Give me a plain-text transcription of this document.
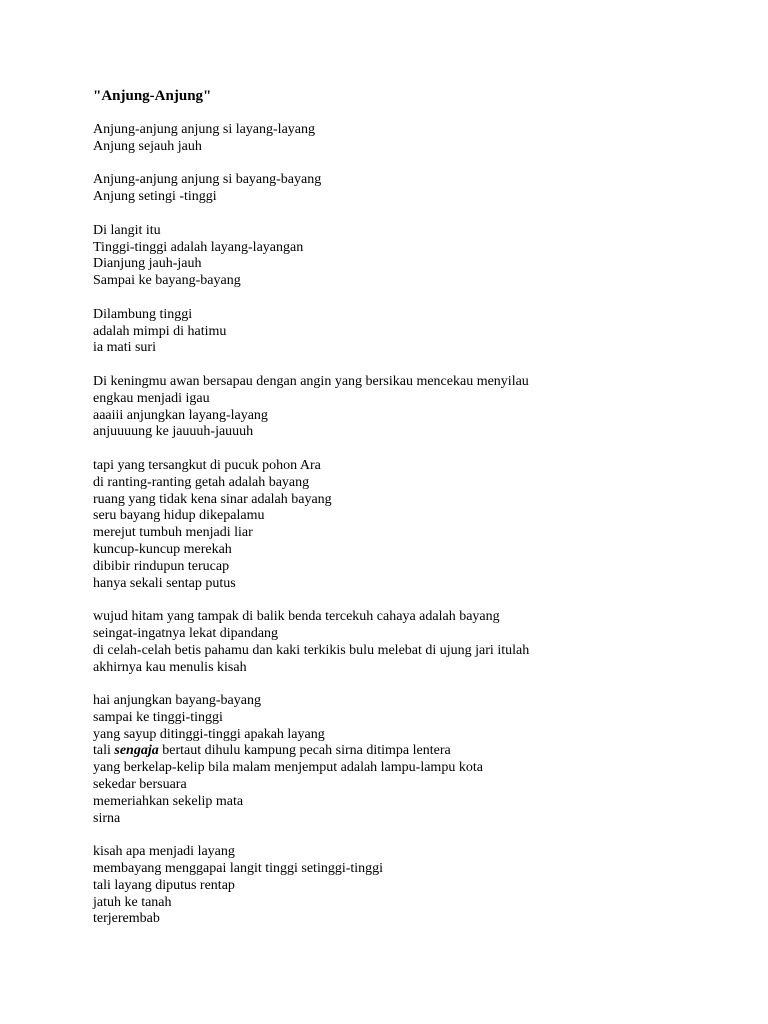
"Anjung-Anjung"
Anjung-anjung anjung si layang-layang
Anjung sejauh jauh
Anjung-anjung anjung si bayang-bayang
Anjung setingi -tinggi
Di langit itu
Tinggi-tinggi adalah layang-layangan
Dianjung jauh-jauh
Sampai ke bayang-bayang
Dilambung tinggi
adalah mimpi di hatimu
ia mati suri
Di keningmu awan bersapau dengan angin yang bersikau mencekau menyilau
engkau menjadi igau
aaaiii anjungkan layang-layang
anjuuuung ke jauuuh-jauuuh
tapi yang tersangkut di pucuk pohon Ara
di ranting-ranting getah adalah bayang
ruang yang tidak kena sinar adalah bayang
seru bayang hidup dikepalamu
merejut tumbuh menjadi liar
kuncup-kuncup merekah
dibibir rindupun terucap
hanya sekali sentap putus
wujud hitam yang tampak di balik benda tercekuh cahaya adalah bayang
seingat-ingatnya lekat dipandang
di celah-celah betis pahamu dan kaki terkikis bulu melebat di ujung jari itulah
akhirnya kau menulis kisah
hai anjungkan bayang-bayang
sampai ke tinggi-tinggi
yang sayup ditinggi-tinggi apakah layang
tali sengaja bertaut dihulu kampung pecah sirna ditimpa lentera
yang berkelap-kelip bila malam menjemput adalah lampu-lampu kota
sekedar bersuara
memeriahkan sekelip mata
sirna
kisah apa menjadi layang
membayang menggapai langit tinggi setinggi-tinggi
tali layang diputus rentap
jatuh ke tanah
terjerembab
